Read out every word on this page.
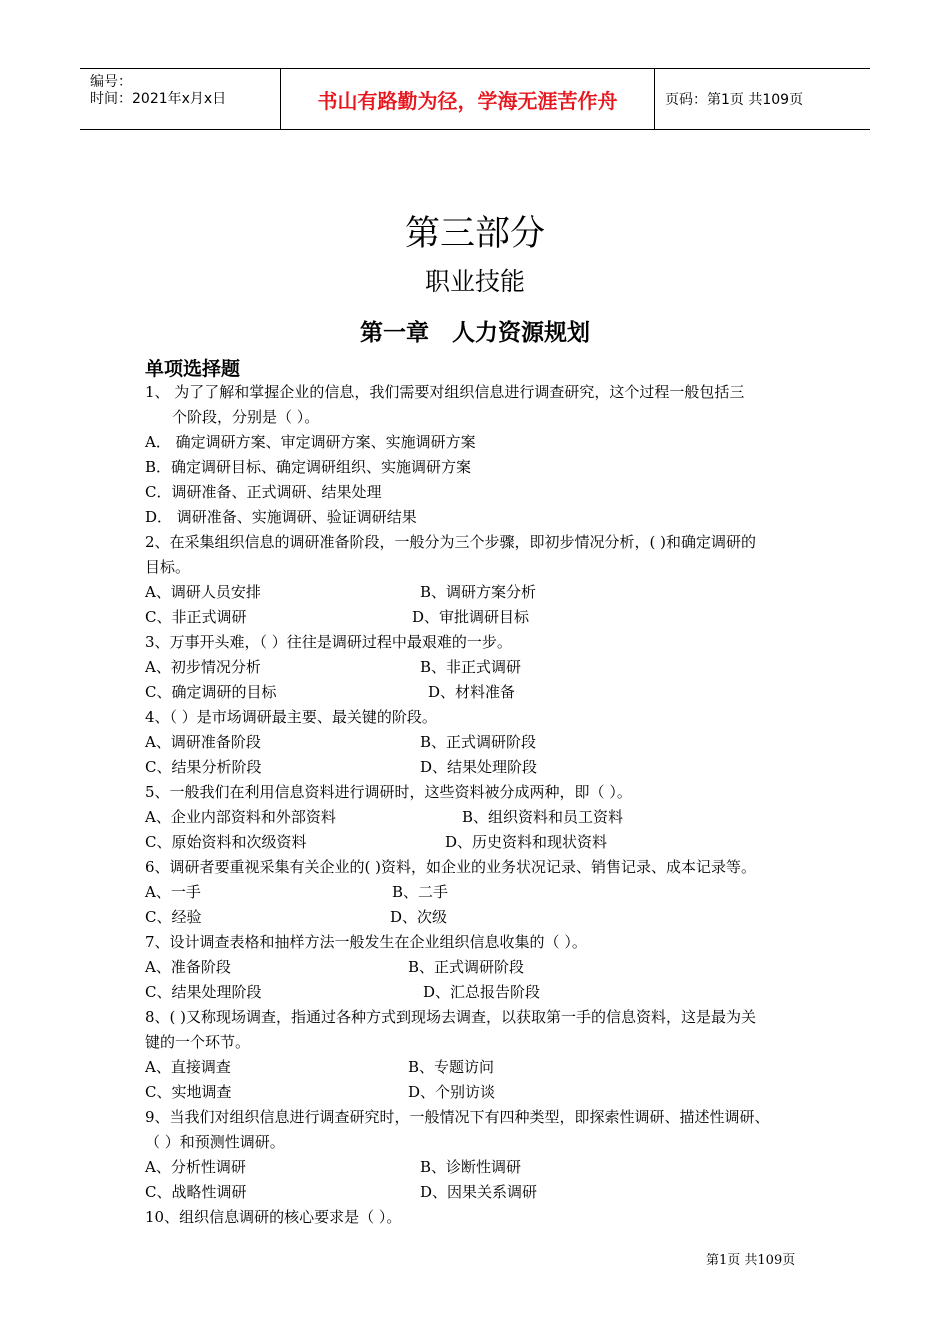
编号：
时间：2021年x月x日	书山有路勤为径，学海无涯苦作舟	页码：第1页 共109页
第三部分
职业技能
第一章　人力资源规划
单项选择题
1、 为了了解和掌握企业的信息，我们需要对组织信息进行调查研究，这个过程一般包括三
个阶段，分别是（ ）。
A． 确定调研方案、审定调研方案、实施调研方案
B．确定调研目标、确定调研组织、实施调研方案
C．调研准备、正式调研、结果处理
D． 调研准备、实施调研、验证调研结果
2、在采集组织信息的调研准备阶段，一般分为三个步骤，即初步情况分析，( )和确定调研的
目标。
A、调研人员安排	B、调研方案分析
C、非正式调研	D、审批调研目标
3、万事开头难，（ ）往往是调研过程中最艰难的一步。
A、初步情况分析	B、非正式调研
C、确定调研的目标	D、材料准备
4、（ ）是市场调研最主要、最关键的阶段。
A、调研准备阶段	B、正式调研阶段
C、结果分析阶段	D、结果处理阶段
5、一般我们在利用信息资料进行调研时，这些资料被分成两种，即（ ）。
A、企业内部资料和外部资料	B、组织资料和员工资料
C、原始资料和次级资料	D、历史资料和现状资料
6、调研者要重视采集有关企业的( )资料，如企业的业务状况记录、销售记录、成本记录等。
A、一手	B、二手
C、经验	D、次级
7、设计调查表格和抽样方法一般发生在企业组织信息收集的（ ）。
A、准备阶段	B、正式调研阶段
C、结果处理阶段	D、汇总报告阶段
8、( )又称现场调查，指通过各种方式到现场去调查，以获取第一手的信息资料，这是最为关
键的一个环节。
A、直接调查	B、专题访问
C、实地调查	D、个别访谈
9、当我们对组织信息进行调查研究时，一般情况下有四种类型，即探索性调研、描述性调研、
（ ）和预测性调研。
A、分析性调研	B、诊断性调研
C、战略性调研	D、因果关系调研
10、组织信息调研的核心要求是（ ）。
第1页 共109页
